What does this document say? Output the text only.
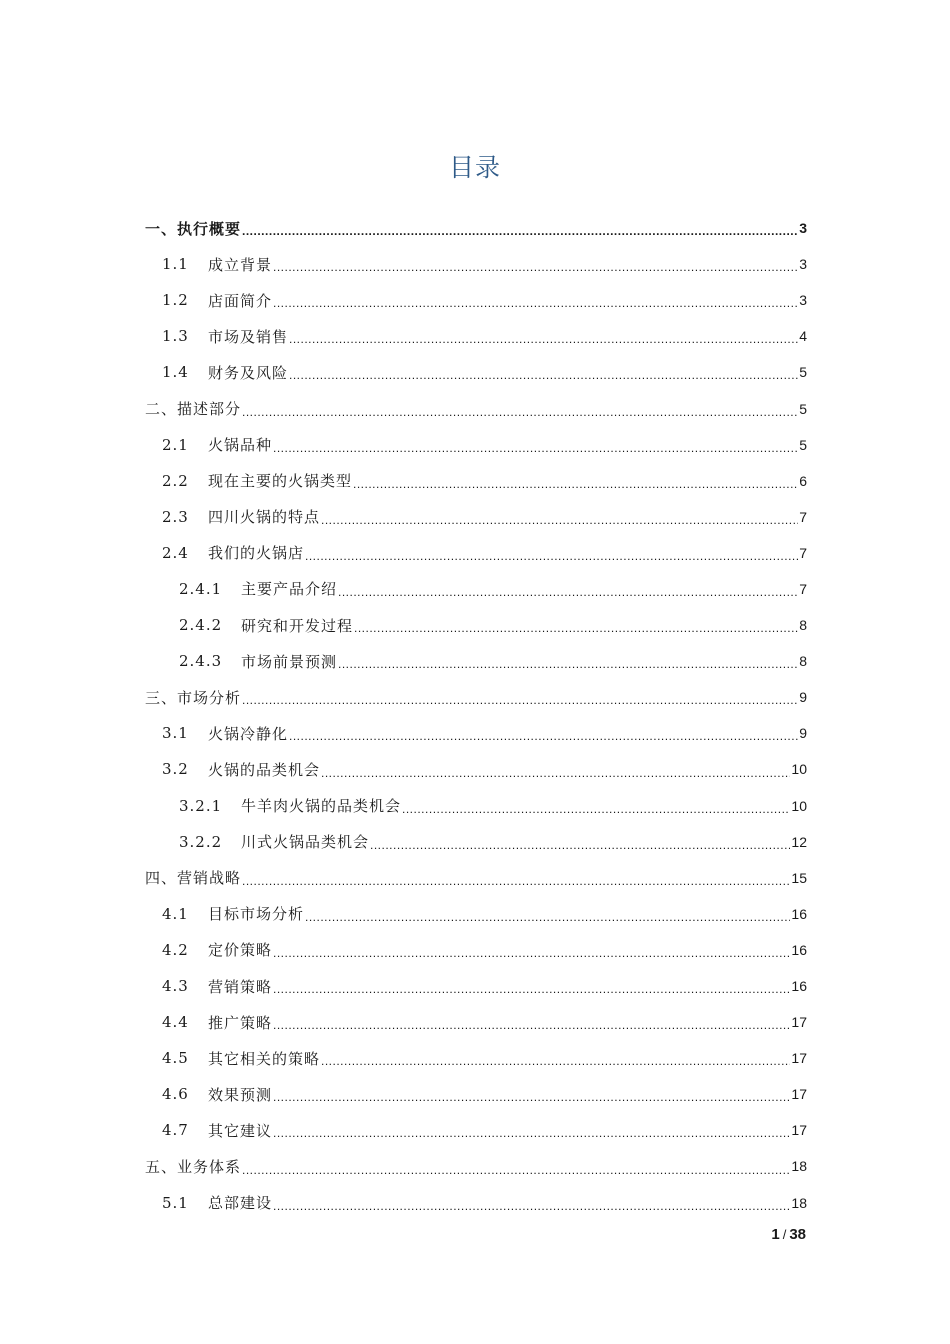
目录
一、执行概要 .....	3
1.1	成立背景 .....	3
1.2	店面简介 .....	3
1.3	市场及销售 .....	4
1.4	财务及风险 .....	5
二、描述部分 .....	5
2.1	火锅品种 .....	5
2.2	现在主要的火锅类型 .....	6
2.3	四川火锅的特点 .....	7
2.4	我们的火锅店 .....	7
2.4.1	主要产品介绍 .....	7
2.4.2	研究和开发过程 .....	8
2.4.3	市场前景预测 .....	8
三、市场分析 .....	9
3.1	火锅冷静化 .....	9
3.2	火锅的品类机会 .....	10
3.2.1	牛羊肉火锅的品类机会 .....	10
3.2.2	川式火锅品类机会 .....	12
四、营销战略 .....	15
4.1	目标市场分析 .....	16
4.2	定价策略 .....	16
4.3	营销策略 .....	16
4.4	推广策略 .....	17
4.5	其它相关的策略 .....	17
4.6	效果预测 .....	17
4.7	其它建议 .....	17
五、业务体系 .....	18
5.1	总部建设 .....	18
1 / 38
